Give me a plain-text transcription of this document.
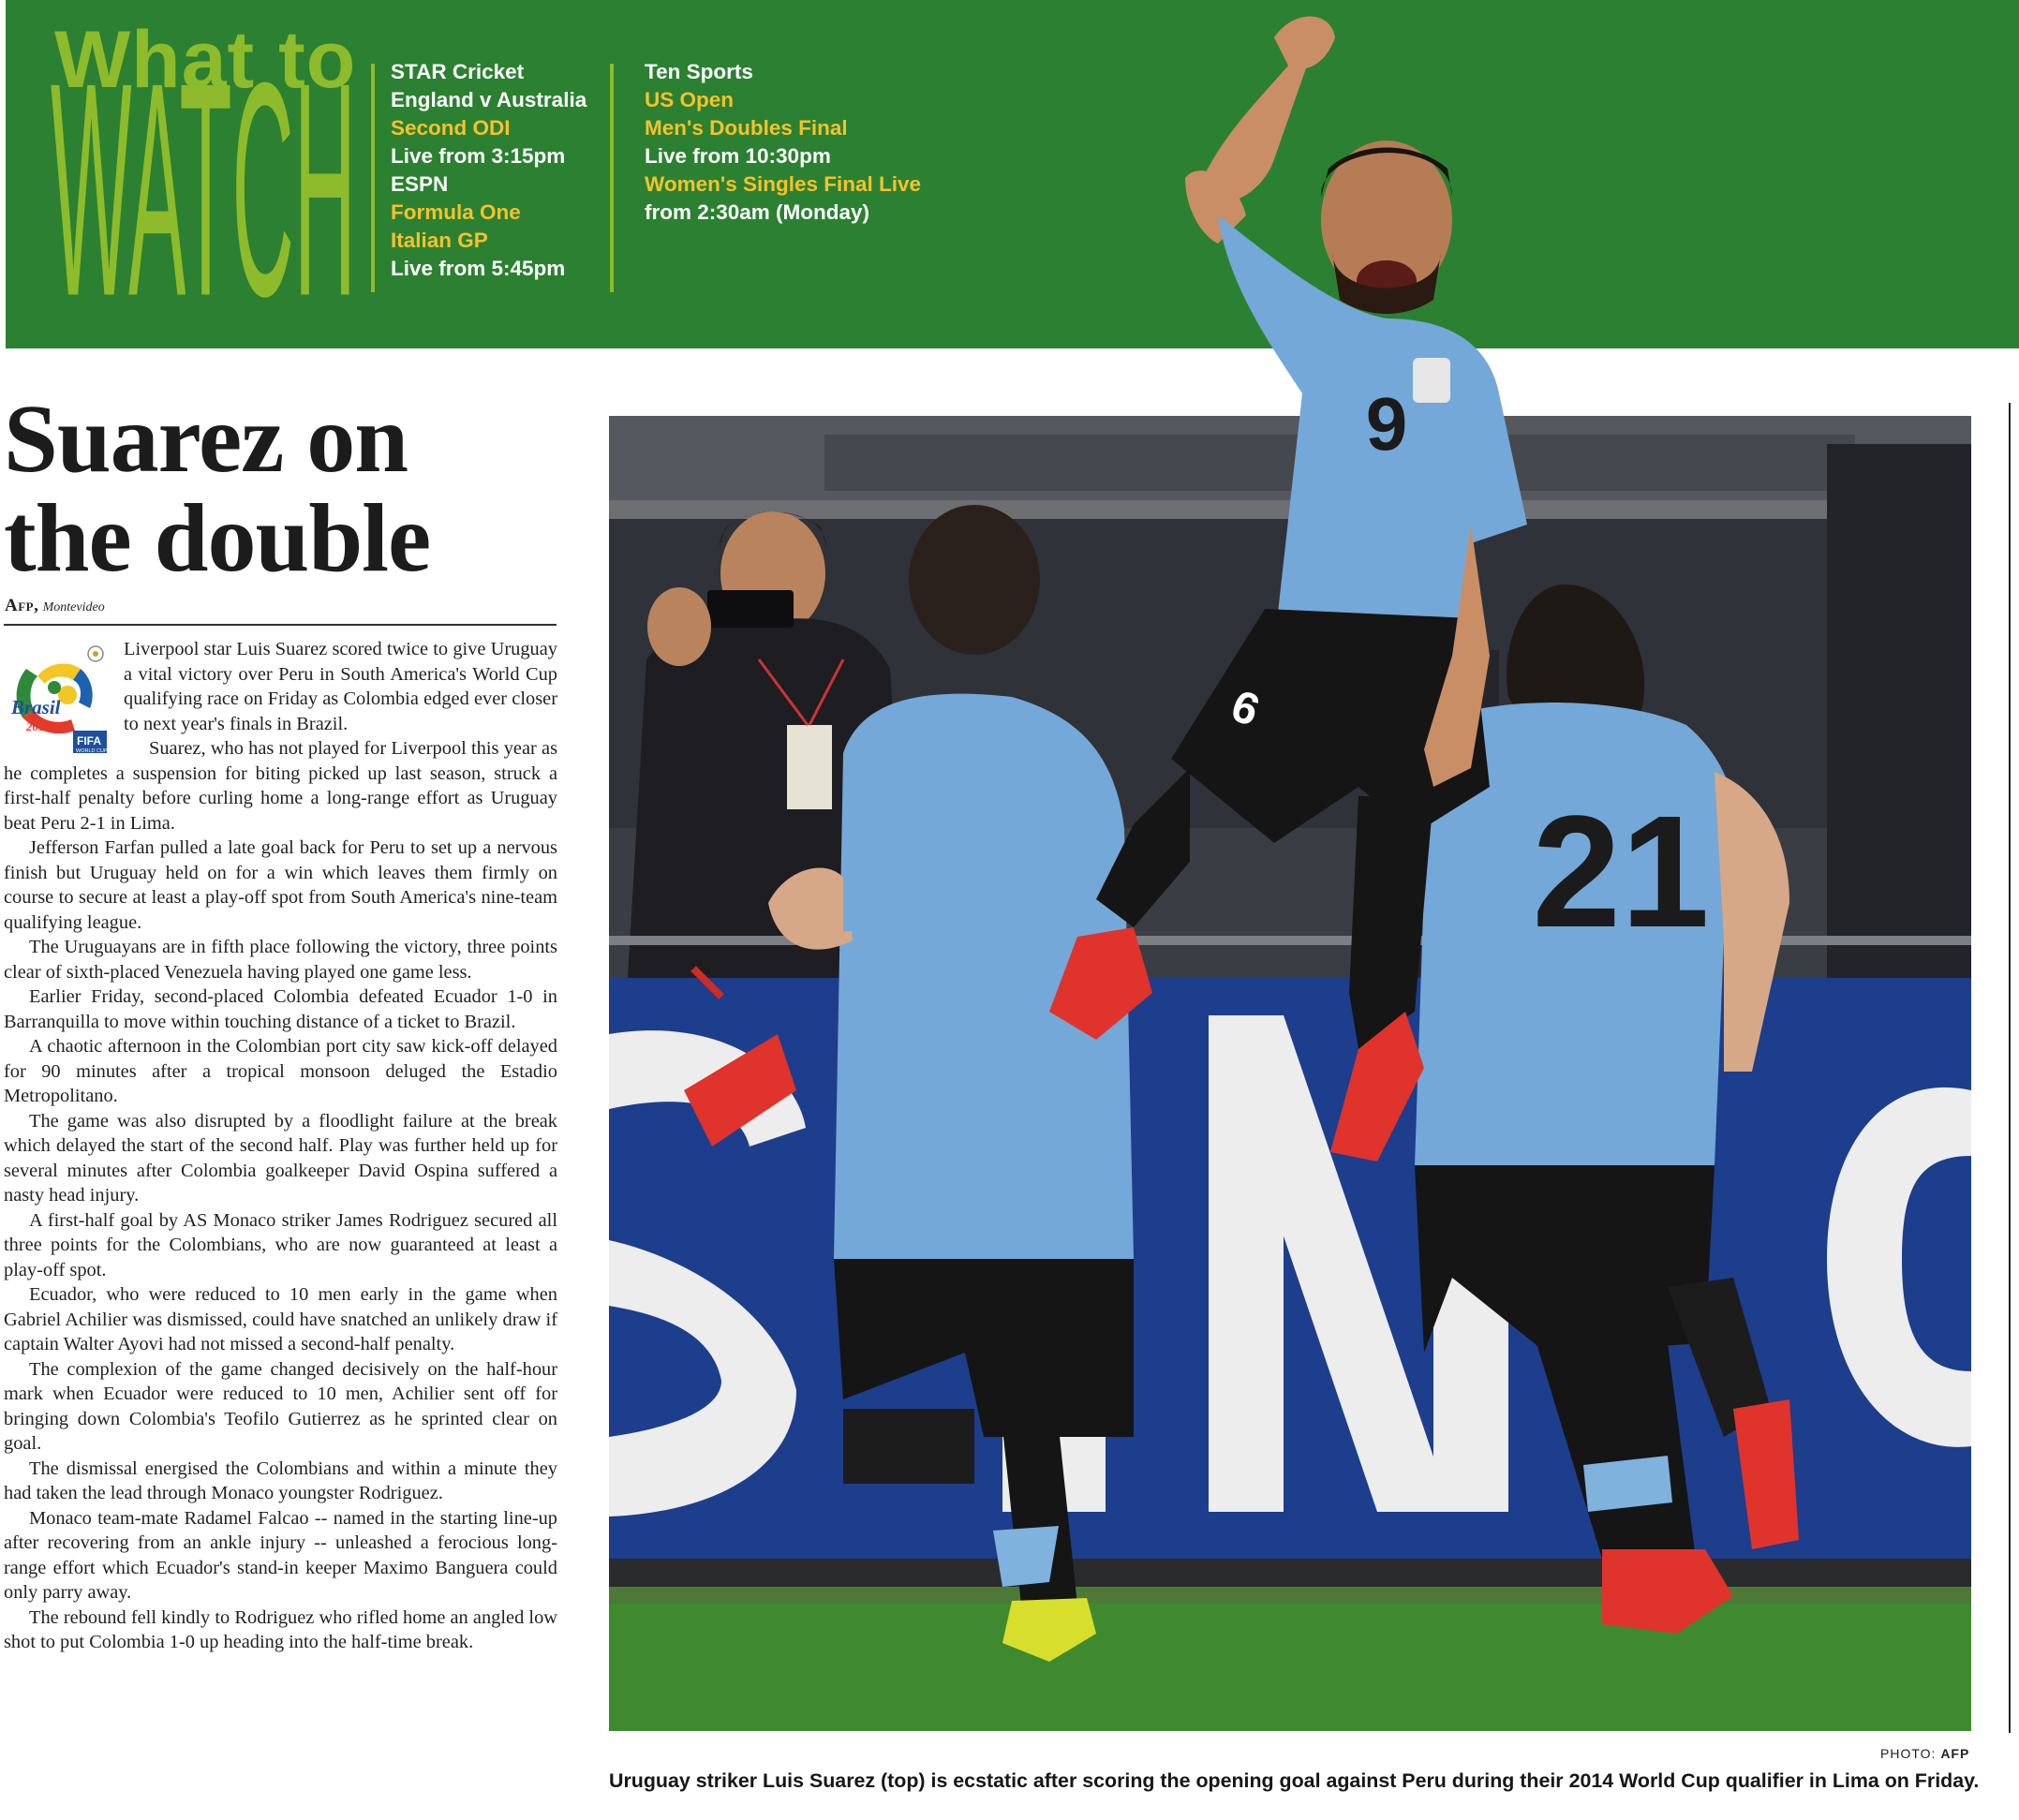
What to
WATCH STAR Cricket
England v Australia
Second ODI
Live from 3:15pm
ESPN
Formula One
Italian GP
Live from 5:45pm
Ten Sports
US Open
Men's Doubles Final
Live from 10:30pm
Women's Singles Final Live
from 2:30am (Monday)
Suarez on
the double
Afp, Montevideo

Liverpool star Luis Suarez scored twice to give Uruguay a vital victory over Peru in South America's World Cup qualifying race on Friday as Colombia edged ever closer to next year's finals in Brazil.

Suarez, who has not played for Liverpool this year as he completes a suspension for biting picked up last season, struck a first-half penalty before curling home a long-range effort as Uruguay beat Peru 2-1 in Lima.

Jefferson Farfan pulled a late goal back for Peru to set up a nervous finish but Uruguay held on for a win which leaves them firmly on course to secure at least a play-off spot from South America's nine-team qualifying league.

The Uruguayans are in fifth place following the victory, three points clear of sixth-placed Venezuela having played one game less.

Earlier Friday, second-placed Colombia defeated Ecuador 1-0 in Barranquilla to move within touching distance of a ticket to Brazil.

A chaotic afternoon in the Colombian port city saw kick-off delayed for 90 minutes after a tropical monsoon deluged the Estadio Metropolitano.

The game was also disrupted by a floodlight failure at the break which delayed the start of the second half. Play was further held up for several minutes after Colombia goalkeeper David Ospina suffered a nasty head injury.

A first-half goal by AS Monaco striker James Rodriguez secured all three points for the Colombians, who are now guaranteed at least a play-off spot.

Ecuador, who were reduced to 10 men early in the game when Gabriel Achilier was dismissed, could have snatched an unlikely draw if captain Walter Ayovi had not missed a second-half penalty.

The complexion of the game changed decisively on the half-hour mark when Ecuador were reduced to 10 men, Achilier sent off for bringing down Colombia's Teofilo Gutierrez as he sprinted clear on goal.

The dismissal energised the Colombians and within a minute they had taken the lead through Monaco youngster Rodriguez.

Monaco team-mate Radamel Falcao -- named in the starting line-up after recovering from an ankle injury -- unleashed a ferocious long-range effort which Ecuador's stand-in keeper Maximo Banguera could only parry away.

The rebound fell kindly to Rodriguez who rifled home an angled low shot to put Colombia 1-0 up heading into the half-time break.

Brasil
2014
FIFA
WORLD CUP
21
9
9
PHOTO: AFP
Uruguay striker Luis Suarez (top) is ecstatic after scoring the opening goal against Peru during their 2014 World Cup qualifier in Lima on Friday.
